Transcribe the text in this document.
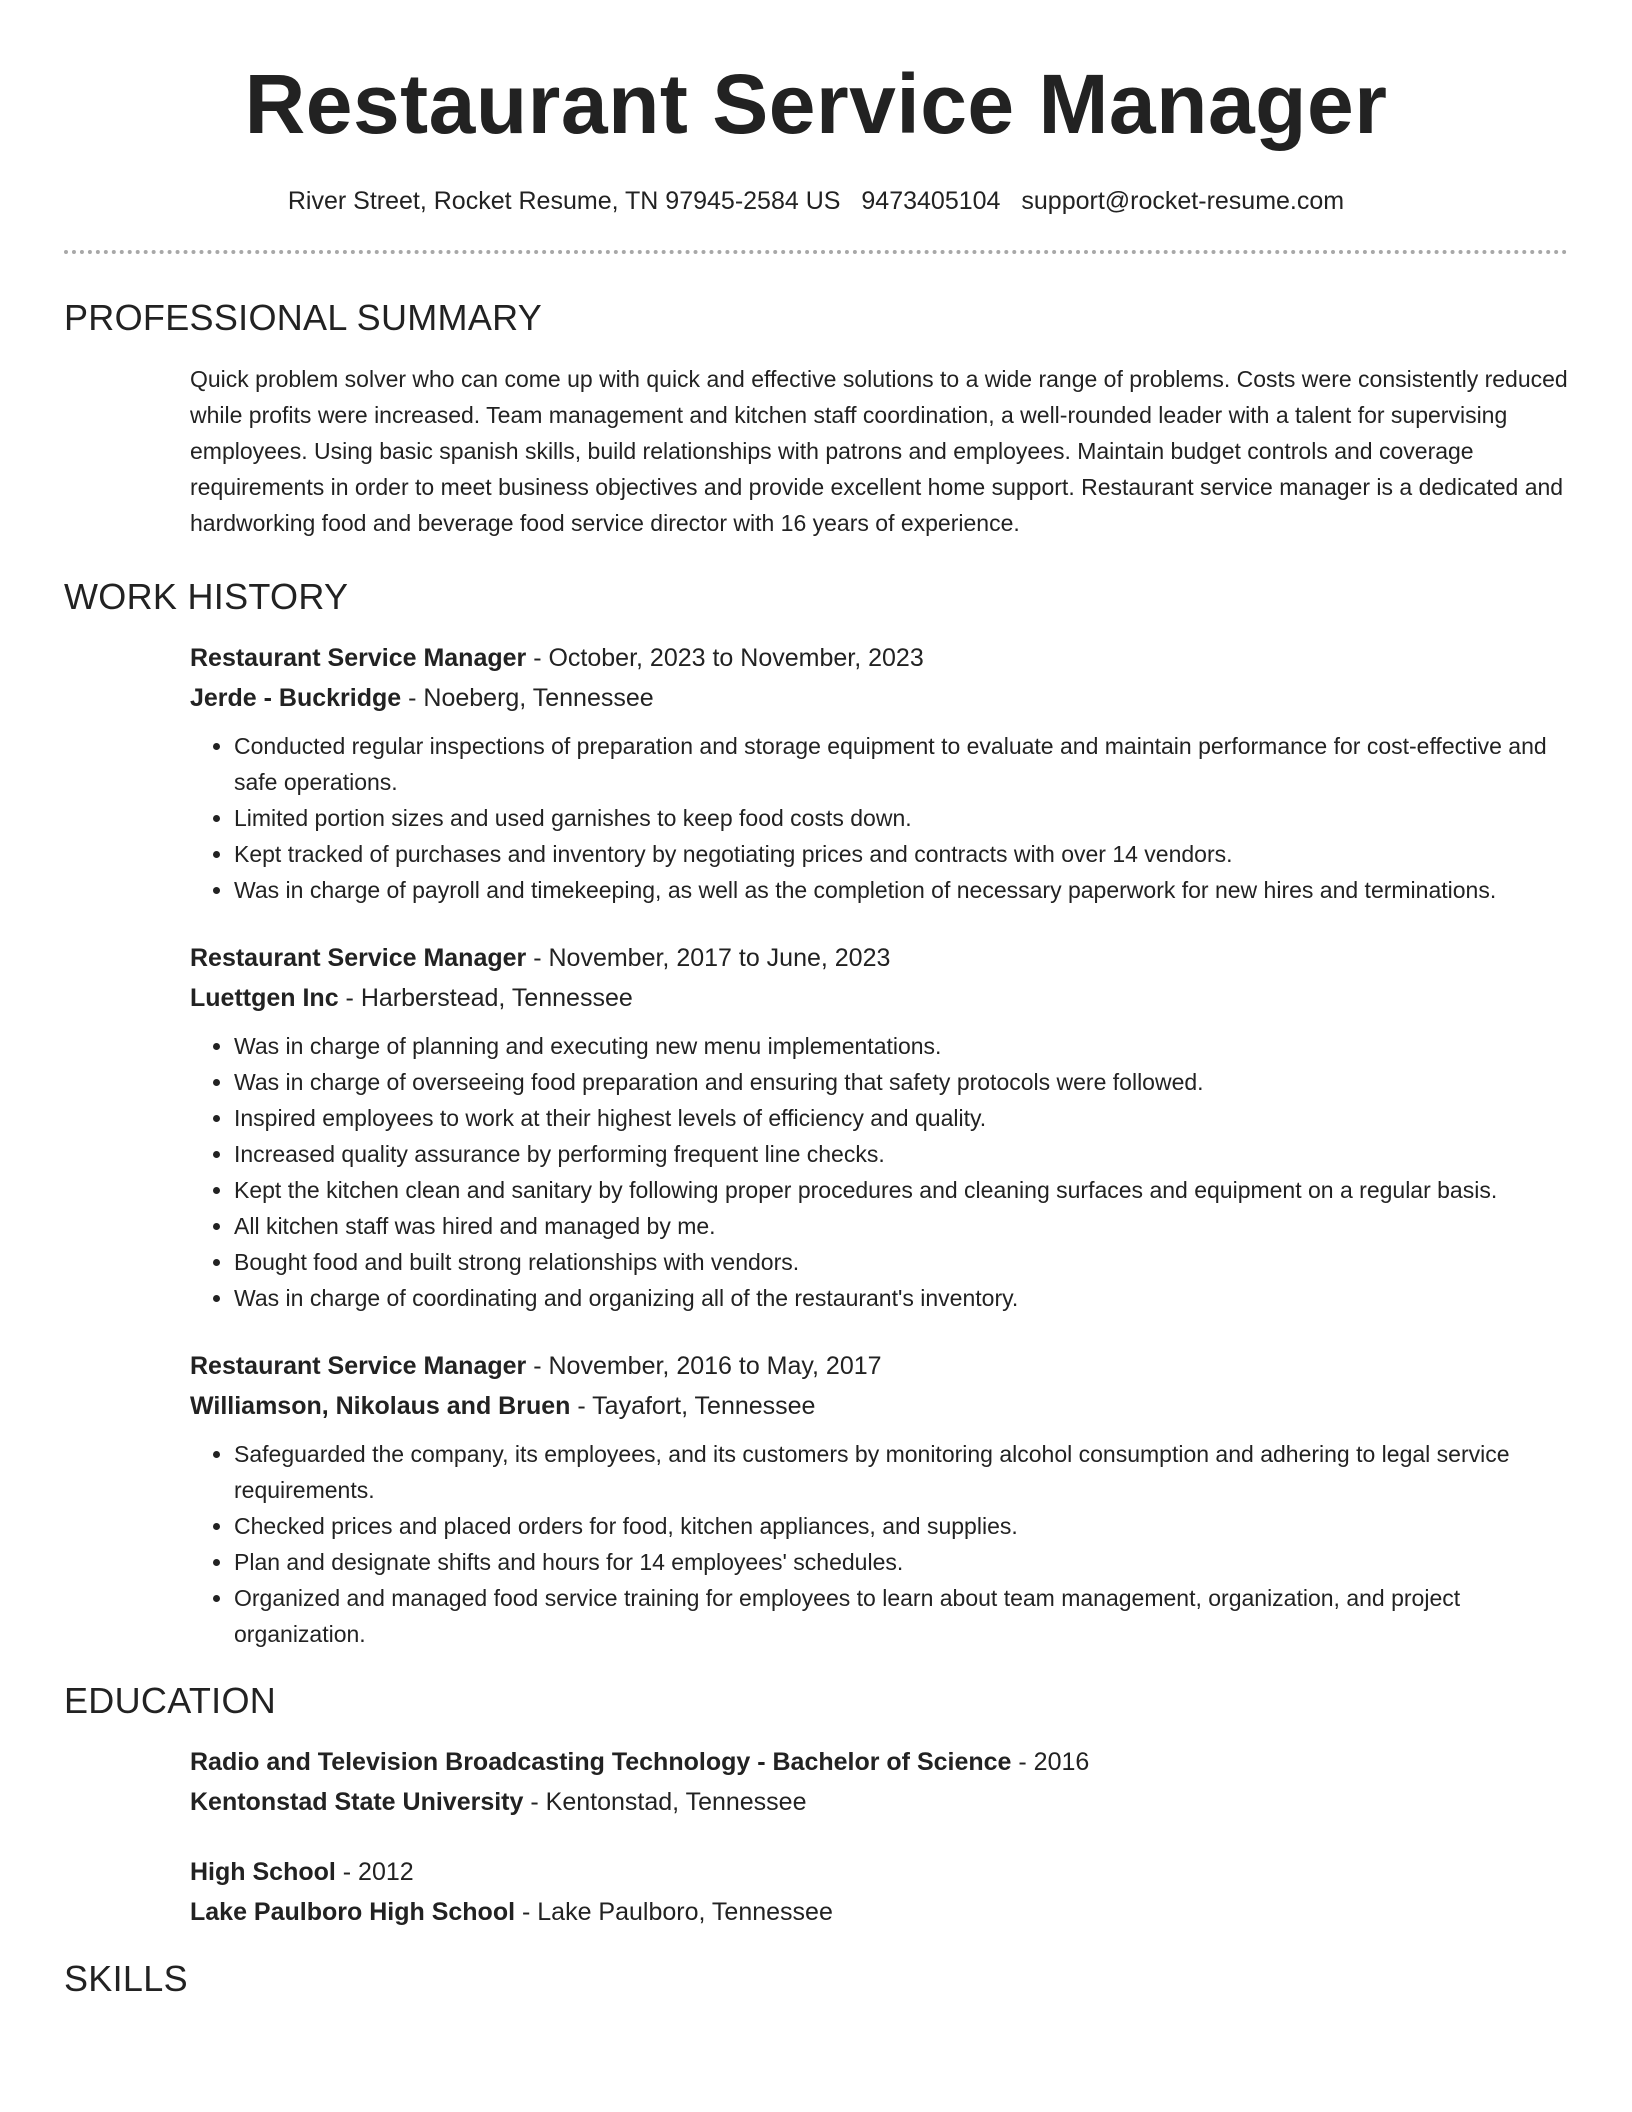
Restaurant Service Manager
River Street, Rocket Resume, TN 97945-2584 US 9473405104 support@rocket-resume.com
PROFESSIONAL SUMMARY

Quick problem solver who can come up with quick and effective solutions to a wide range of problems. Costs were consistently reduced while profits were increased. Team management and kitchen staff coordination, a well-rounded leader with a talent for supervising employees. Using basic spanish skills, build relationships with patrons and employees. Maintain budget controls and coverage requirements in order to meet business objectives and provide excellent home support. Restaurant service manager is a dedicated and hardworking food and beverage food service director with 16 years of experience.

WORK HISTORY
Restaurant Service Manager - October, 2023 to November, 2023
Jerde - Buckridge - Noeberg, Tennessee
• Conducted regular inspections of preparation and storage equipment to evaluate and maintain performance for cost-effective and safe operations.
• Limited portion sizes and used garnishes to keep food costs down.
• Kept tracked of purchases and inventory by negotiating prices and contracts with over 14 vendors.
• Was in charge of payroll and timekeeping, as well as the completion of necessary paperwork for new hires and terminations.
Restaurant Service Manager - November, 2017 to June, 2023
Luettgen Inc - Harberstead, Tennessee
• Was in charge of planning and executing new menu implementations.
• Was in charge of overseeing food preparation and ensuring that safety protocols were followed.
• Inspired employees to work at their highest levels of efficiency and quality.
• Increased quality assurance by performing frequent line checks.
• Kept the kitchen clean and sanitary by following proper procedures and cleaning surfaces and equipment on a regular basis.
• All kitchen staff was hired and managed by me.
• Bought food and built strong relationships with vendors.
• Was in charge of coordinating and organizing all of the restaurant's inventory.
Restaurant Service Manager - November, 2016 to May, 2017
Williamson, Nikolaus and Bruen - Tayafort, Tennessee
• Safeguarded the company, its employees, and its customers by monitoring alcohol consumption and adhering to legal service requirements.
• Checked prices and placed orders for food, kitchen appliances, and supplies.
• Plan and designate shifts and hours for 14 employees' schedules.
• Organized and managed food service training for employees to learn about team management, organization, and project organization.
EDUCATION
Radio and Television Broadcasting Technology - Bachelor of Science - 2016
Kentonstad State University - Kentonstad, Tennessee
High School - 2012
Lake Paulboro High School - Lake Paulboro, Tennessee
SKILLS
